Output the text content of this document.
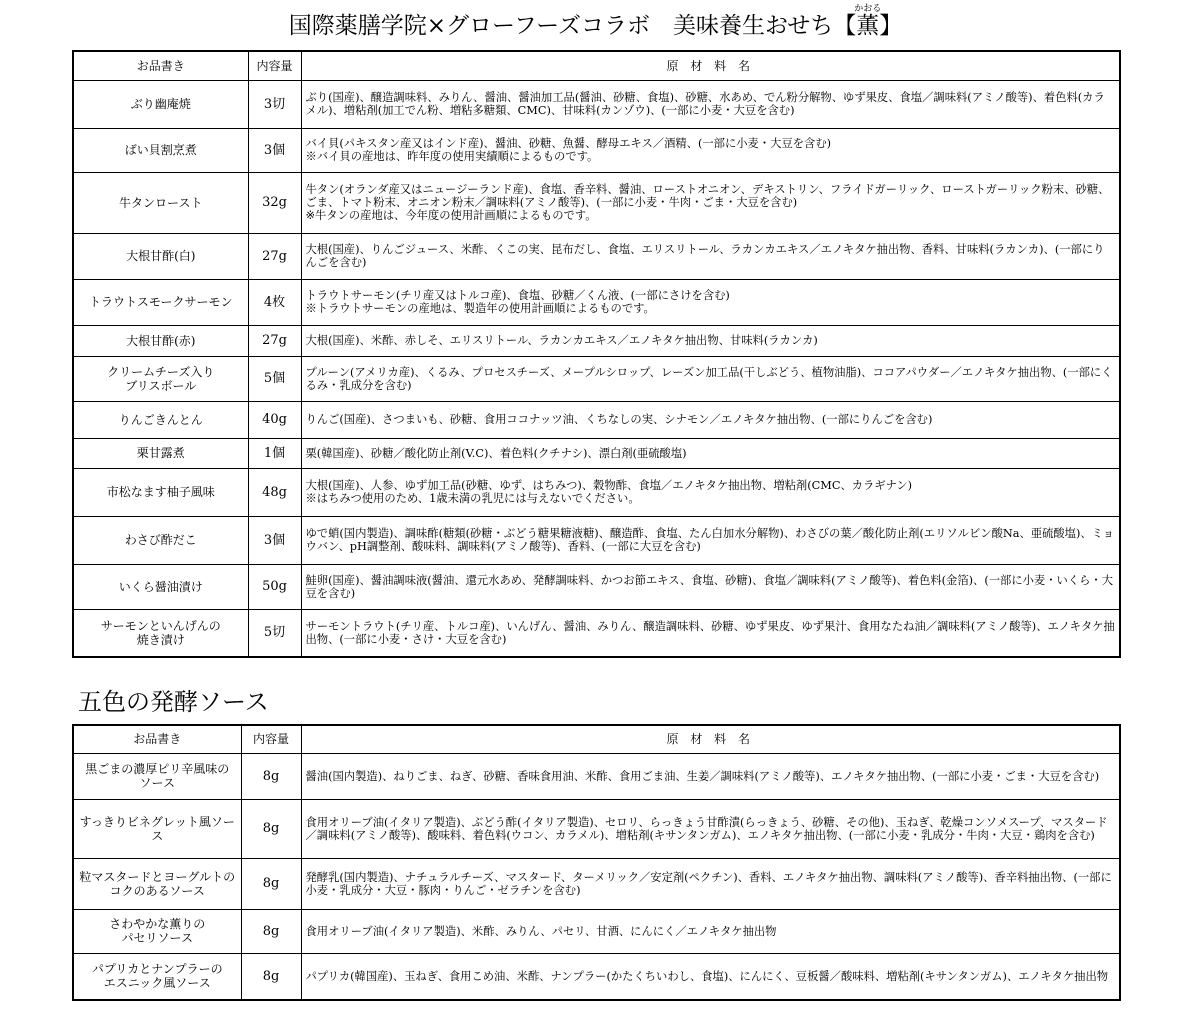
国際薬膳学院×グローフーズコラボ　美味養生おせち【薫かおる】
お品書き	内容量	原 材 料 名
ぶり幽庵焼	3切	ぶり(国産)、醸造調味料、みりん、醤油、醤油加工品(醤油、砂糖、食塩)、砂糖、水あめ、でん粉分解物、ゆず果皮、食塩／調味料(アミノ酸等)、着色料(カラメル)、増粘剤(加工でん粉、増粘多糖類、CMC)、甘味料(カンゾウ)、(一部に小麦・大豆を含む)
ばい貝割烹煮	3個	バイ貝(パキスタン産又はインド産)、醤油、砂糖、魚醤、酵母エキス／酒精、(一部に小麦・大豆を含む)
※バイ貝の産地は、昨年度の使用実績順によるものです。
牛タンロースト	32g	牛タン(オランダ産又はニュージーランド産)、食塩、香辛料、醤油、ローストオニオン、デキストリン、フライドガーリック、ローストガーリック粉末、砂糖、ごま、トマト粉末、オニオン粉末／調味料(アミノ酸等)、(一部に小麦・牛肉・ごま・大豆を含む)
※牛タンの産地は、今年度の使用計画順によるものです。
大根甘酢(白)	27g	大根(国産)、りんごジュース、米酢、くこの実、昆布だし、食塩、エリスリトール、ラカンカエキス／エノキタケ抽出物、香料、甘味料(ラカンカ)、(一部にりんごを含む)
トラウトスモークサーモン	4枚	トラウトサーモン(チリ産又はトルコ産)、食塩、砂糖／くん液、(一部にさけを含む)
※トラウトサーモンの産地は、製造年の使用計画順によるものです。
大根甘酢(赤)	27g	大根(国産)、米酢、赤しそ、エリスリトール、ラカンカエキス／エノキタケ抽出物、甘味料(ラカンカ)
クリームチーズ入り
ブリスボール	5個	プルーン(アメリカ産)、くるみ、プロセスチーズ、メープルシロップ、レーズン加工品(干しぶどう、植物油脂)、ココアパウダー／エノキタケ抽出物、(一部にくるみ・乳成分を含む)
りんごきんとん	40g	りんご(国産)、さつまいも、砂糖、食用ココナッツ油、くちなしの実、シナモン／エノキタケ抽出物、(一部にりんごを含む)
栗甘露煮	1個	栗(韓国産)、砂糖／酸化防止剤(V.C)、着色料(クチナシ)、漂白剤(亜硫酸塩)
市松なます柚子風味	48g	大根(国産)、人参、ゆず加工品(砂糖、ゆず、はちみつ)、穀物酢、食塩／エノキタケ抽出物、増粘剤(CMC、カラギナン)
※はちみつ使用のため、1歳未満の乳児には与えないでください。
わさび酢だこ	3個	ゆで蛸(国内製造)、調味酢(糖類(砂糖・ぶどう糖果糖液糖)、醸造酢、食塩、たん白加水分解物)、わさびの葉／酸化防止剤(エリソルビン酸Na、亜硫酸塩)、ミョウバン、pH調整剤、酸味料、調味料(アミノ酸等)、香料、(一部に大豆を含む)
いくら醤油漬け	50g	鮭卵(国産)、醤油調味液(醤油、還元水あめ、発酵調味料、かつお節エキス、食塩、砂糖)、食塩／調味料(アミノ酸等)、着色料(金箔)、(一部に小麦・いくら・大豆を含む)
サーモンといんげんの
焼き漬け	5切	サーモントラウト(チリ産、トルコ産)、いんげん、醤油、みりん、醸造調味料、砂糖、ゆず果皮、ゆず果汁、食用なたね油／調味料(アミノ酸等)、エノキタケ抽出物、(一部に小麦・さけ・大豆を含む)
五色の発酵ソース
お品書き	内容量	原 材 料 名
黒ごまの濃厚ピリ辛風味の
ソース	8g	醤油(国内製造)、ねりごま、ねぎ、砂糖、香味食用油、米酢、食用ごま油、生姜／調味料(アミノ酸等)、エノキタケ抽出物、(一部に小麦・ごま・大豆を含む)
すっきりビネグレット風ソース	8g	食用オリーブ油(イタリア製造)、ぶどう酢(イタリア製造)、セロリ、らっきょう甘酢漬(らっきょう、砂糖、その他)、玉ねぎ、乾燥コンソメスープ、マスタード／調味料(アミノ酸等)、酸味料、着色料(ウコン、カラメル)、増粘剤(キサンタンガム)、エノキタケ抽出物、(一部に小麦・乳成分・牛肉・大豆・鶏肉を含む)
粒マスタードとヨーグルトの
コクのあるソース	8g	発酵乳(国内製造)、ナチュラルチーズ、マスタード、ターメリック／安定剤(ペクチン)、香料、エノキタケ抽出物、調味料(アミノ酸等)、香辛料抽出物、(一部に小麦・乳成分・大豆・豚肉・りんご・ゼラチンを含む)
さわやかな薫りの
パセリソース	8g	食用オリーブ油(イタリア製造)、米酢、みりん、パセリ、甘酒、にんにく／エノキタケ抽出物
パプリカとナンプラーの
エスニック風ソース	8g	パプリカ(韓国産)、玉ねぎ、食用こめ油、米酢、ナンプラー(かたくちいわし、食塩)、にんにく、豆板醤／酸味料、増粘剤(キサンタンガム)、エノキタケ抽出物
